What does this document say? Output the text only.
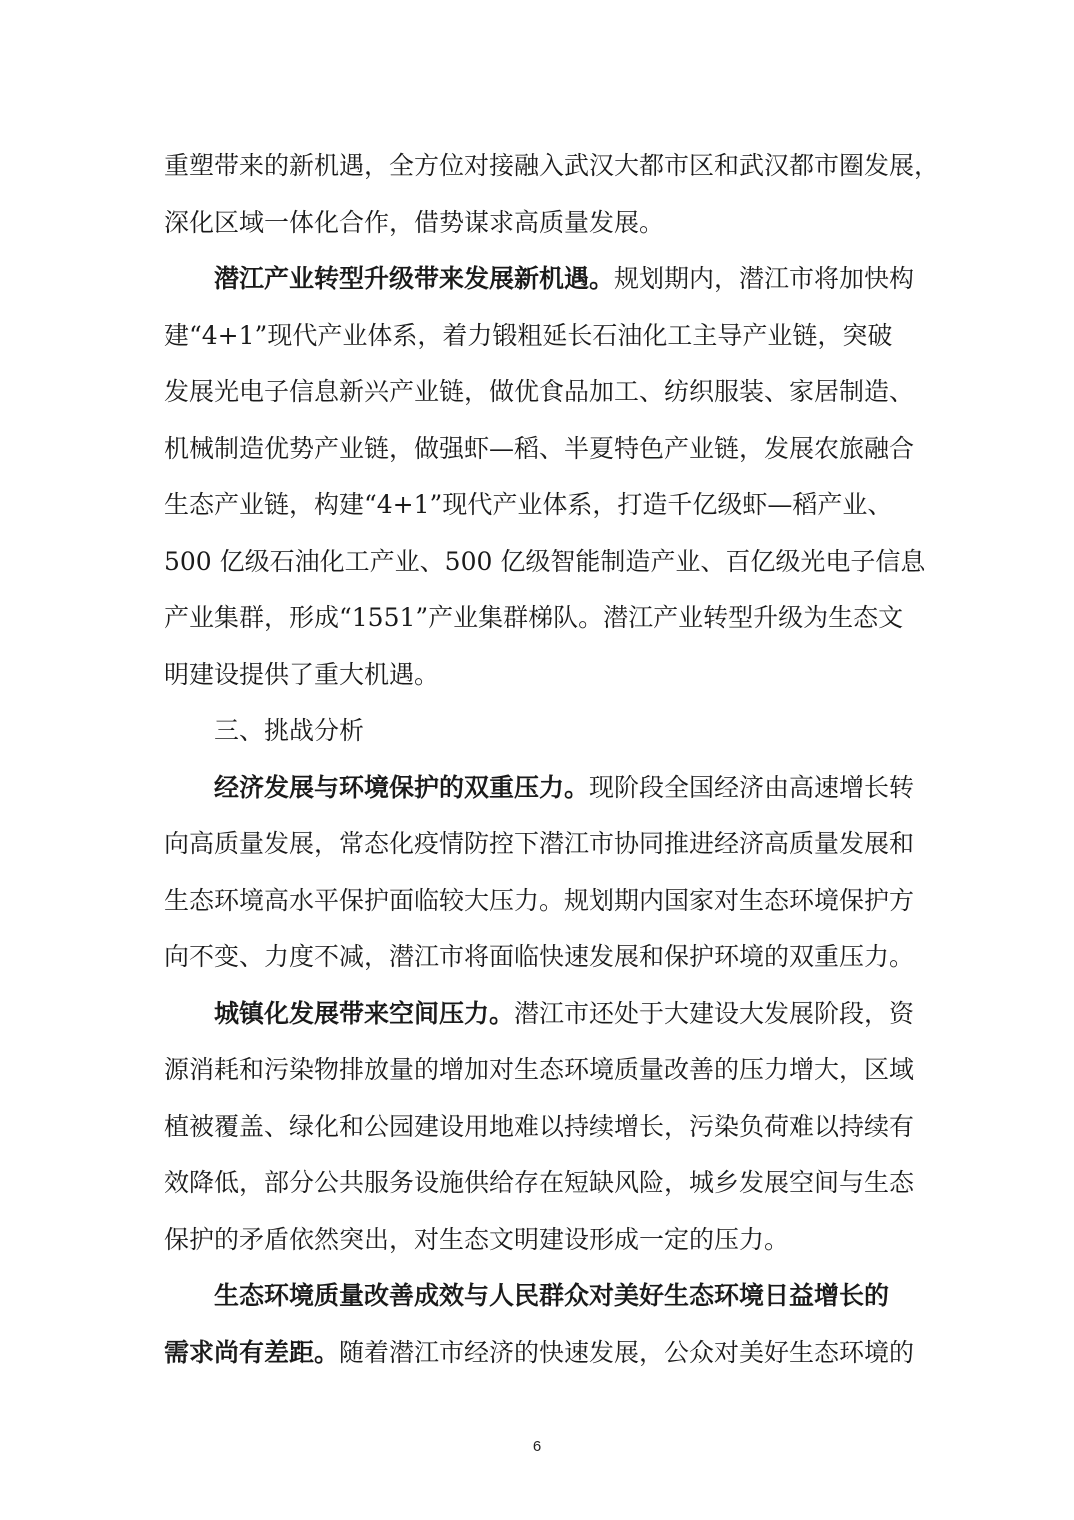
重塑带来的新机遇，全方位对接融入武汉大都市区和武汉都市圈发展，
深化区域一体化合作，借势谋求高质量发展。
潜江产业转型升级带来发展新机遇。规划期内，潜江市将加快构
建“4+1”现代产业体系，着力锻粗延长石油化工主导产业链，突破
发展光电子信息新兴产业链，做优食品加工、纺织服装、家居制造、
机械制造优势产业链，做强虾—稻、半夏特色产业链，发展农旅融合
生态产业链，构建“4+1”现代产业体系，打造千亿级虾—稻产业、
500 亿级石油化工产业、500 亿级智能制造产业、百亿级光电子信息
产业集群，形成“1551”产业集群梯队。潜江产业转型升级为生态文
明建设提供了重大机遇。
三、挑战分析
经济发展与环境保护的双重压力。现阶段全国经济由高速增长转
向高质量发展，常态化疫情防控下潜江市协同推进经济高质量发展和
生态环境高水平保护面临较大压力。规划期内国家对生态环境保护方
向不变、力度不减，潜江市将面临快速发展和保护环境的双重压力。
城镇化发展带来空间压力。潜江市还处于大建设大发展阶段，资
源消耗和污染物排放量的增加对生态环境质量改善的压力增大，区域
植被覆盖、绿化和公园建设用地难以持续增长，污染负荷难以持续有
效降低，部分公共服务设施供给存在短缺风险，城乡发展空间与生态
保护的矛盾依然突出，对生态文明建设形成一定的压力。
生态环境质量改善成效与人民群众对美好生态环境日益增长的
需求尚有差距。随着潜江市经济的快速发展，公众对美好生态环境的
6
